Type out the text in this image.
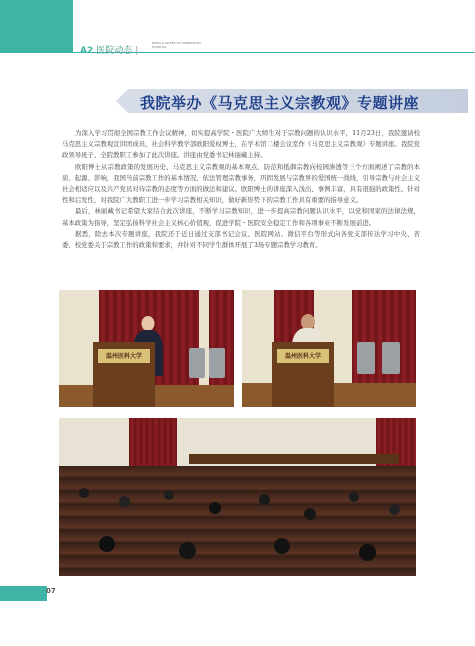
A2 医院动态 |
NEWS & NOTES OF CHANGZHOU HOSPITAL
我院举办《马克思主义宗教观》专题讲座

为深入学习贯彻全国宗教工作会议精神，切实提高学院・医院广大师生对于宗教问题的认识水平，11月23日，我院邀请校马克思主义宗教观宣讲团成员、社会科学教学部欧阳爱权博士，在学术馆二楼会议室作《马克思主义宗教观》专题讲座。我院党政领导班子、全院教职工参加了此次讲座。讲座由党委书记林丽藏主持。

欧阳博士从宗教政策的发展历史、马克思主义宗教观的基本观点、防范和抵御宗教向校园渗透等三个方面阐述了宗教的本质、起源、影响，我国当前宗教工作的基本情况，依法管理宗教事务，巩固发展与宗教界的爱国统一战线，引导宗教与社会主义社会相适应以及共产党员对待宗教的态度等方面的做法和建议。欧阳博士的讲座深入浅出、事例丰富，具有很强的政策性、针对性和启发性，对我院广大教职工进一步学习宗教相关知识，做好新形势下的宗教工作具有重要的指导意义。

最后，林丽藏书记希望大家结合此次讲座，不断学习宗教知识，进一步提高宗教问题认识水平，以党和国家的法律法规，基本政策为指导，坚定弘扬科学社会主义核心价值观，促进学院・医院安全稳定工作和各项事业不断发展前进。

据悉，除去本次专题讲座，我院还于近日通过支部书记会议、医院网站、微信平台等形式向各党支部传达学习中央、省委、校党委关于宗教工作的政策和要求，并针对不同学生群体开展了3场专题宗教学习教育。

温州医科大学	温州医科大学
07
